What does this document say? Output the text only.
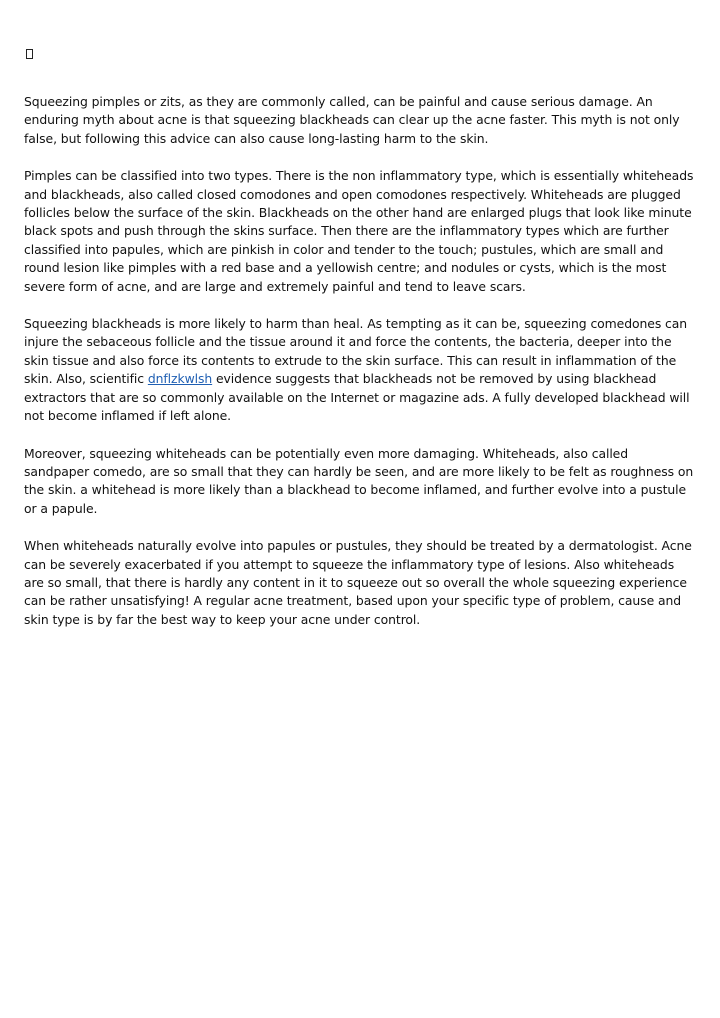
Squeezing pimples or zits, as they are commonly called, can be painful and cause serious damage. An enduring myth about acne is that squeezing blackheads can clear up the acne faster. This myth is not only false, but following this advice can also cause long-lasting harm to the skin.

Pimples can be classified into two types. There is the non inflammatory type, which is essentially whiteheads and blackheads, also called closed comodones and open comodones respectively. Whiteheads are plugged follicles below the surface of the skin. Blackheads on the other hand are enlarged plugs that look like minute black spots and push through the skins surface. Then there are the inflammatory types which are further classified into papules, which are pinkish in color and tender to the touch; pustules, which are small and round lesion like pimples with a red base and a yellowish centre; and nodules or cysts, which is the most severe form of acne, and are large and extremely painful and tend to leave scars.

Squeezing blackheads is more likely to harm than heal. As tempting as it can be, squeezing comedones can injure the sebaceous follicle and the tissue around it and force the contents, the bacteria, deeper into the skin tissue and also force its contents to extrude to the skin surface. This can result in inflammation of the skin. Also, scientific dnflzkwlsh evidence suggests that blackheads not be removed by using blackhead extractors that are so commonly available on the Internet or magazine ads. A fully developed blackhead will not become inflamed if left alone.

Moreover, squeezing whiteheads can be potentially even more damaging. Whiteheads, also called sandpaper comedo, are so small that they can hardly be seen, and are more likely to be felt as roughness on the skin. a whitehead is more likely than a blackhead to become inflamed, and further evolve into a pustule or a papule.

When whiteheads naturally evolve into papules or pustules, they should be treated by a dermatologist. Acne can be severely exacerbated if you attempt to squeeze the inflammatory type of lesions. Also whiteheads are so small, that there is hardly any content in it to squeeze out so overall the whole squeezing experience can be rather unsatisfying! A regular acne treatment, based upon your specific type of problem, cause and skin type is by far the best way to keep your acne under control.
